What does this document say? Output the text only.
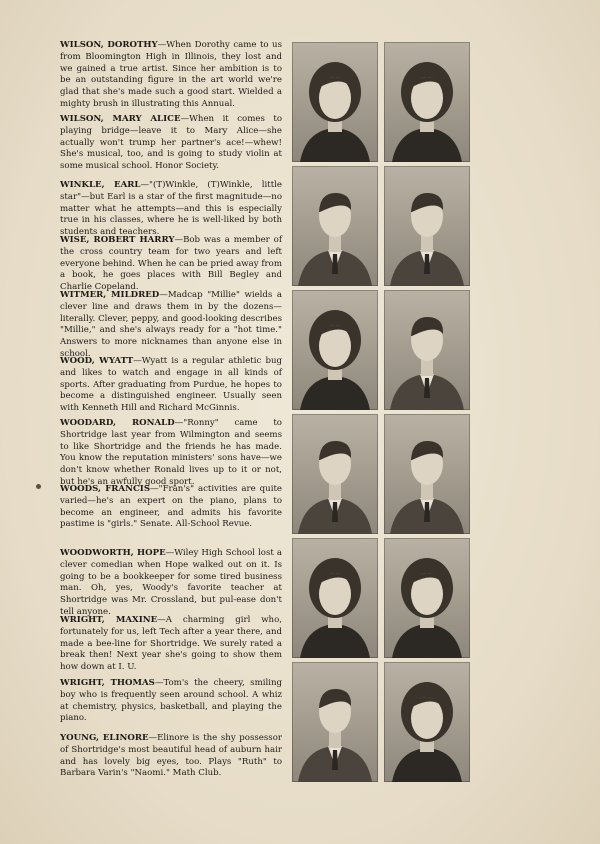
WILSON, DOROTHY—When Dorothy came to us from Bloomington High in Illinois, they lost and we gained a true artist. Since her ambition is to be an outstanding figure in the art world we're glad that she's made such a good start. Wielded a mighty brush in illustrating this Annual.

WILSON, MARY ALICE—When it comes to playing bridge—leave it to Mary Alice—she actually won't trump her partner's ace!—whew! She's musical, too, and is going to study violin at some musical school. Honor Society.

WINKLE, EARL—"(T)Winkle, (T)Winkle, little star"—but Earl is a star of the first magnitude—no matter what he attempts—and this is especially true in his classes, where he is well-liked by both students and teachers.

WISE, ROBERT HARRY—Bob was a member of the cross country team for two years and left everyone behind. When he can be pried away from a book, he goes places with Bill Begley and Charlie Copeland.

WITMER, MILDRED—Madcap "Millie" wields a clever line and draws them in by the dozens—literally. Clever, peppy, and good-looking describes "Millie," and she's always ready for a "hot time." Answers to more nicknames than anyone else in school.

WOOD, WYATT—Wyatt is a regular athletic bug and likes to watch and engage in all kinds of sports. After graduating from Purdue, he hopes to become a distinguished engineer. Usually seen with Kenneth Hill and Richard McGinnis.

WOODARD, RONALD—"Ronny" came to Shortridge last year from Wilmington and seems to like Shortridge and the friends he has made. You know the reputation ministers' sons have—we don't know whether Ronald lives up to it or not, but he's an awfully good sport.

WOODS, FRANCIS—"Fran's" activities are quite varied—he's an expert on the piano, plans to become an engineer, and admits his favorite pastime is "girls." Senate. All-School Revue.

WOODWORTH, HOPE—Wiley High School lost a clever comedian when Hope walked out on it. Is going to be a bookkeeper for some tired business man. Oh, yes, Woody's favorite teacher at Shortridge was Mr. Crossland, but pul-ease don't tell anyone.

WRIGHT, MAXINE—A charming girl who, fortunately for us, left Tech after a year there, and made a bee-line for Shortridge. We surely rated a break then! Next year she's going to show them how down at I. U.

WRIGHT, THOMAS—Tom's the cheery, smiling boy who is frequently seen around school. A whiz at chemistry, physics, basketball, and playing the piano.

YOUNG, ELINORE—Elinore is the shy possessor of Shortridge's most beautiful head of auburn hair and has lovely big eyes, too. Plays "Ruth" to Barbara Varin's "Naomi." Math Club.
